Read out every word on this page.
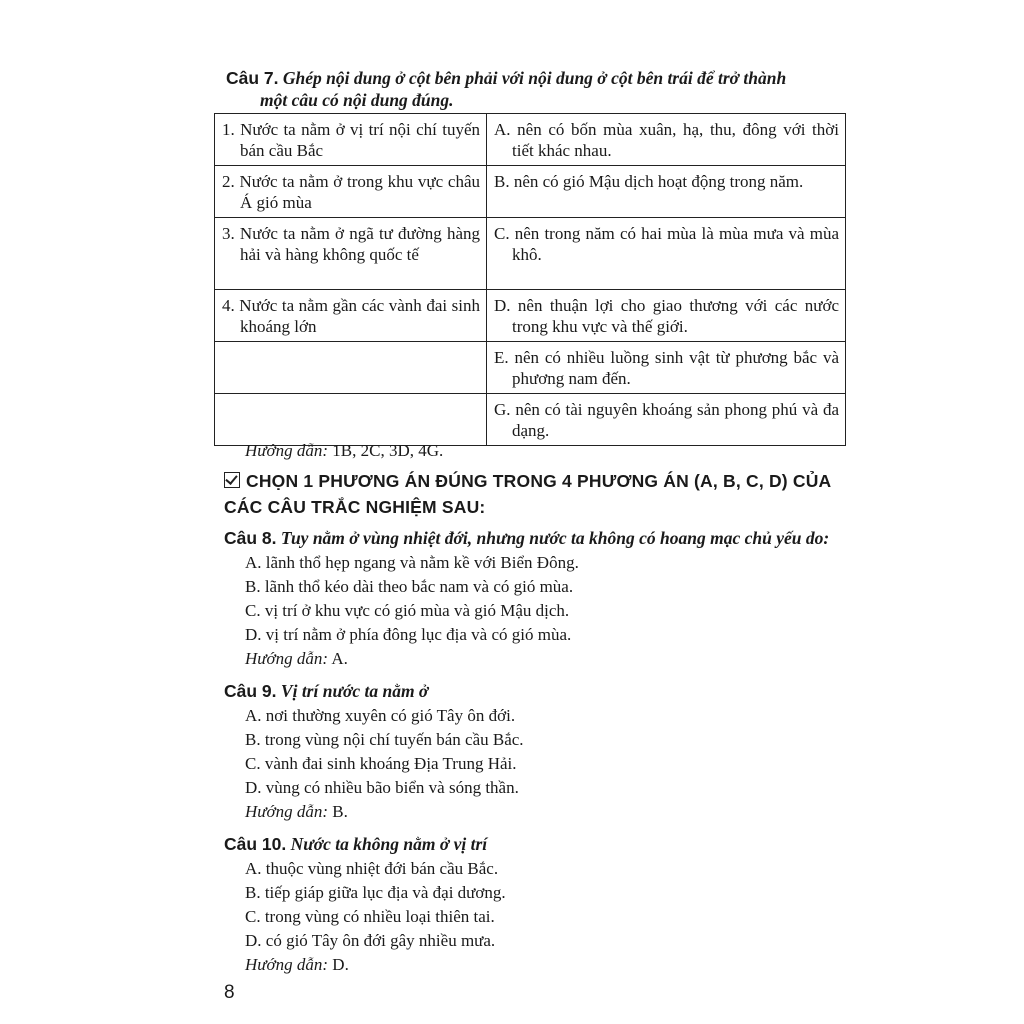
Câu 7. Ghép nội dung ở cột bên phải với nội dung ở cột bên trái để trở thành
một câu có nội dung đúng.
1. Nước ta nằm ở vị trí nội chí tuyến bán cầu Bắc	A. nên có bốn mùa xuân, hạ, thu, đông với thời tiết khác nhau.

2. Nước ta nằm ở trong khu vực châu Á gió mùa	B. nên có gió Mậu dịch hoạt động trong năm.

3. Nước ta nằm ở ngã tư đường hàng hải và hàng không quốc tế	C. nên trong năm có hai mùa là mùa mưa và mùa khô.

4. Nước ta nằm gần các vành đai sinh khoáng lớn	D. nên thuận lợi cho giao thương với các nước trong khu vực và thế giới.

	E. nên có nhiều luồng sinh vật từ phương bắc và phương nam đến.

	G. nên có tài nguyên khoáng sản phong phú và đa dạng.
Hướng dẫn: 1B, 2C, 3D, 4G.
CHỌN 1 PHƯƠNG ÁN ĐÚNG TRONG 4 PHƯƠNG ÁN (A, B, C, D) CỦA
CÁC CÂU TRẮC NGHIỆM SAU:
Câu 8. Tuy nằm ở vùng nhiệt đới, nhưng nước ta không có hoang mạc chủ yếu do:
A. lãnh thổ hẹp ngang và nằm kề với Biển Đông.
B. lãnh thổ kéo dài theo bắc nam và có gió mùa.
C. vị trí ở khu vực có gió mùa và gió Mậu dịch.
D. vị trí nằm ở phía đông lục địa và có gió mùa.
Hướng dẫn: A.
Câu 9. Vị trí nước ta nằm ở
A. nơi thường xuyên có gió Tây ôn đới.
B. trong vùng nội chí tuyến bán cầu Bắc.
C. vành đai sinh khoáng Địa Trung Hải.
D. vùng có nhiều bão biển và sóng thần.
Hướng dẫn: B.
Câu 10. Nước ta không nằm ở vị trí
A. thuộc vùng nhiệt đới bán cầu Bắc.
B. tiếp giáp giữa lục địa và đại dương.
C. trong vùng có nhiều loại thiên tai.
D. có gió Tây ôn đới gây nhiều mưa.
Hướng dẫn: D.
8
